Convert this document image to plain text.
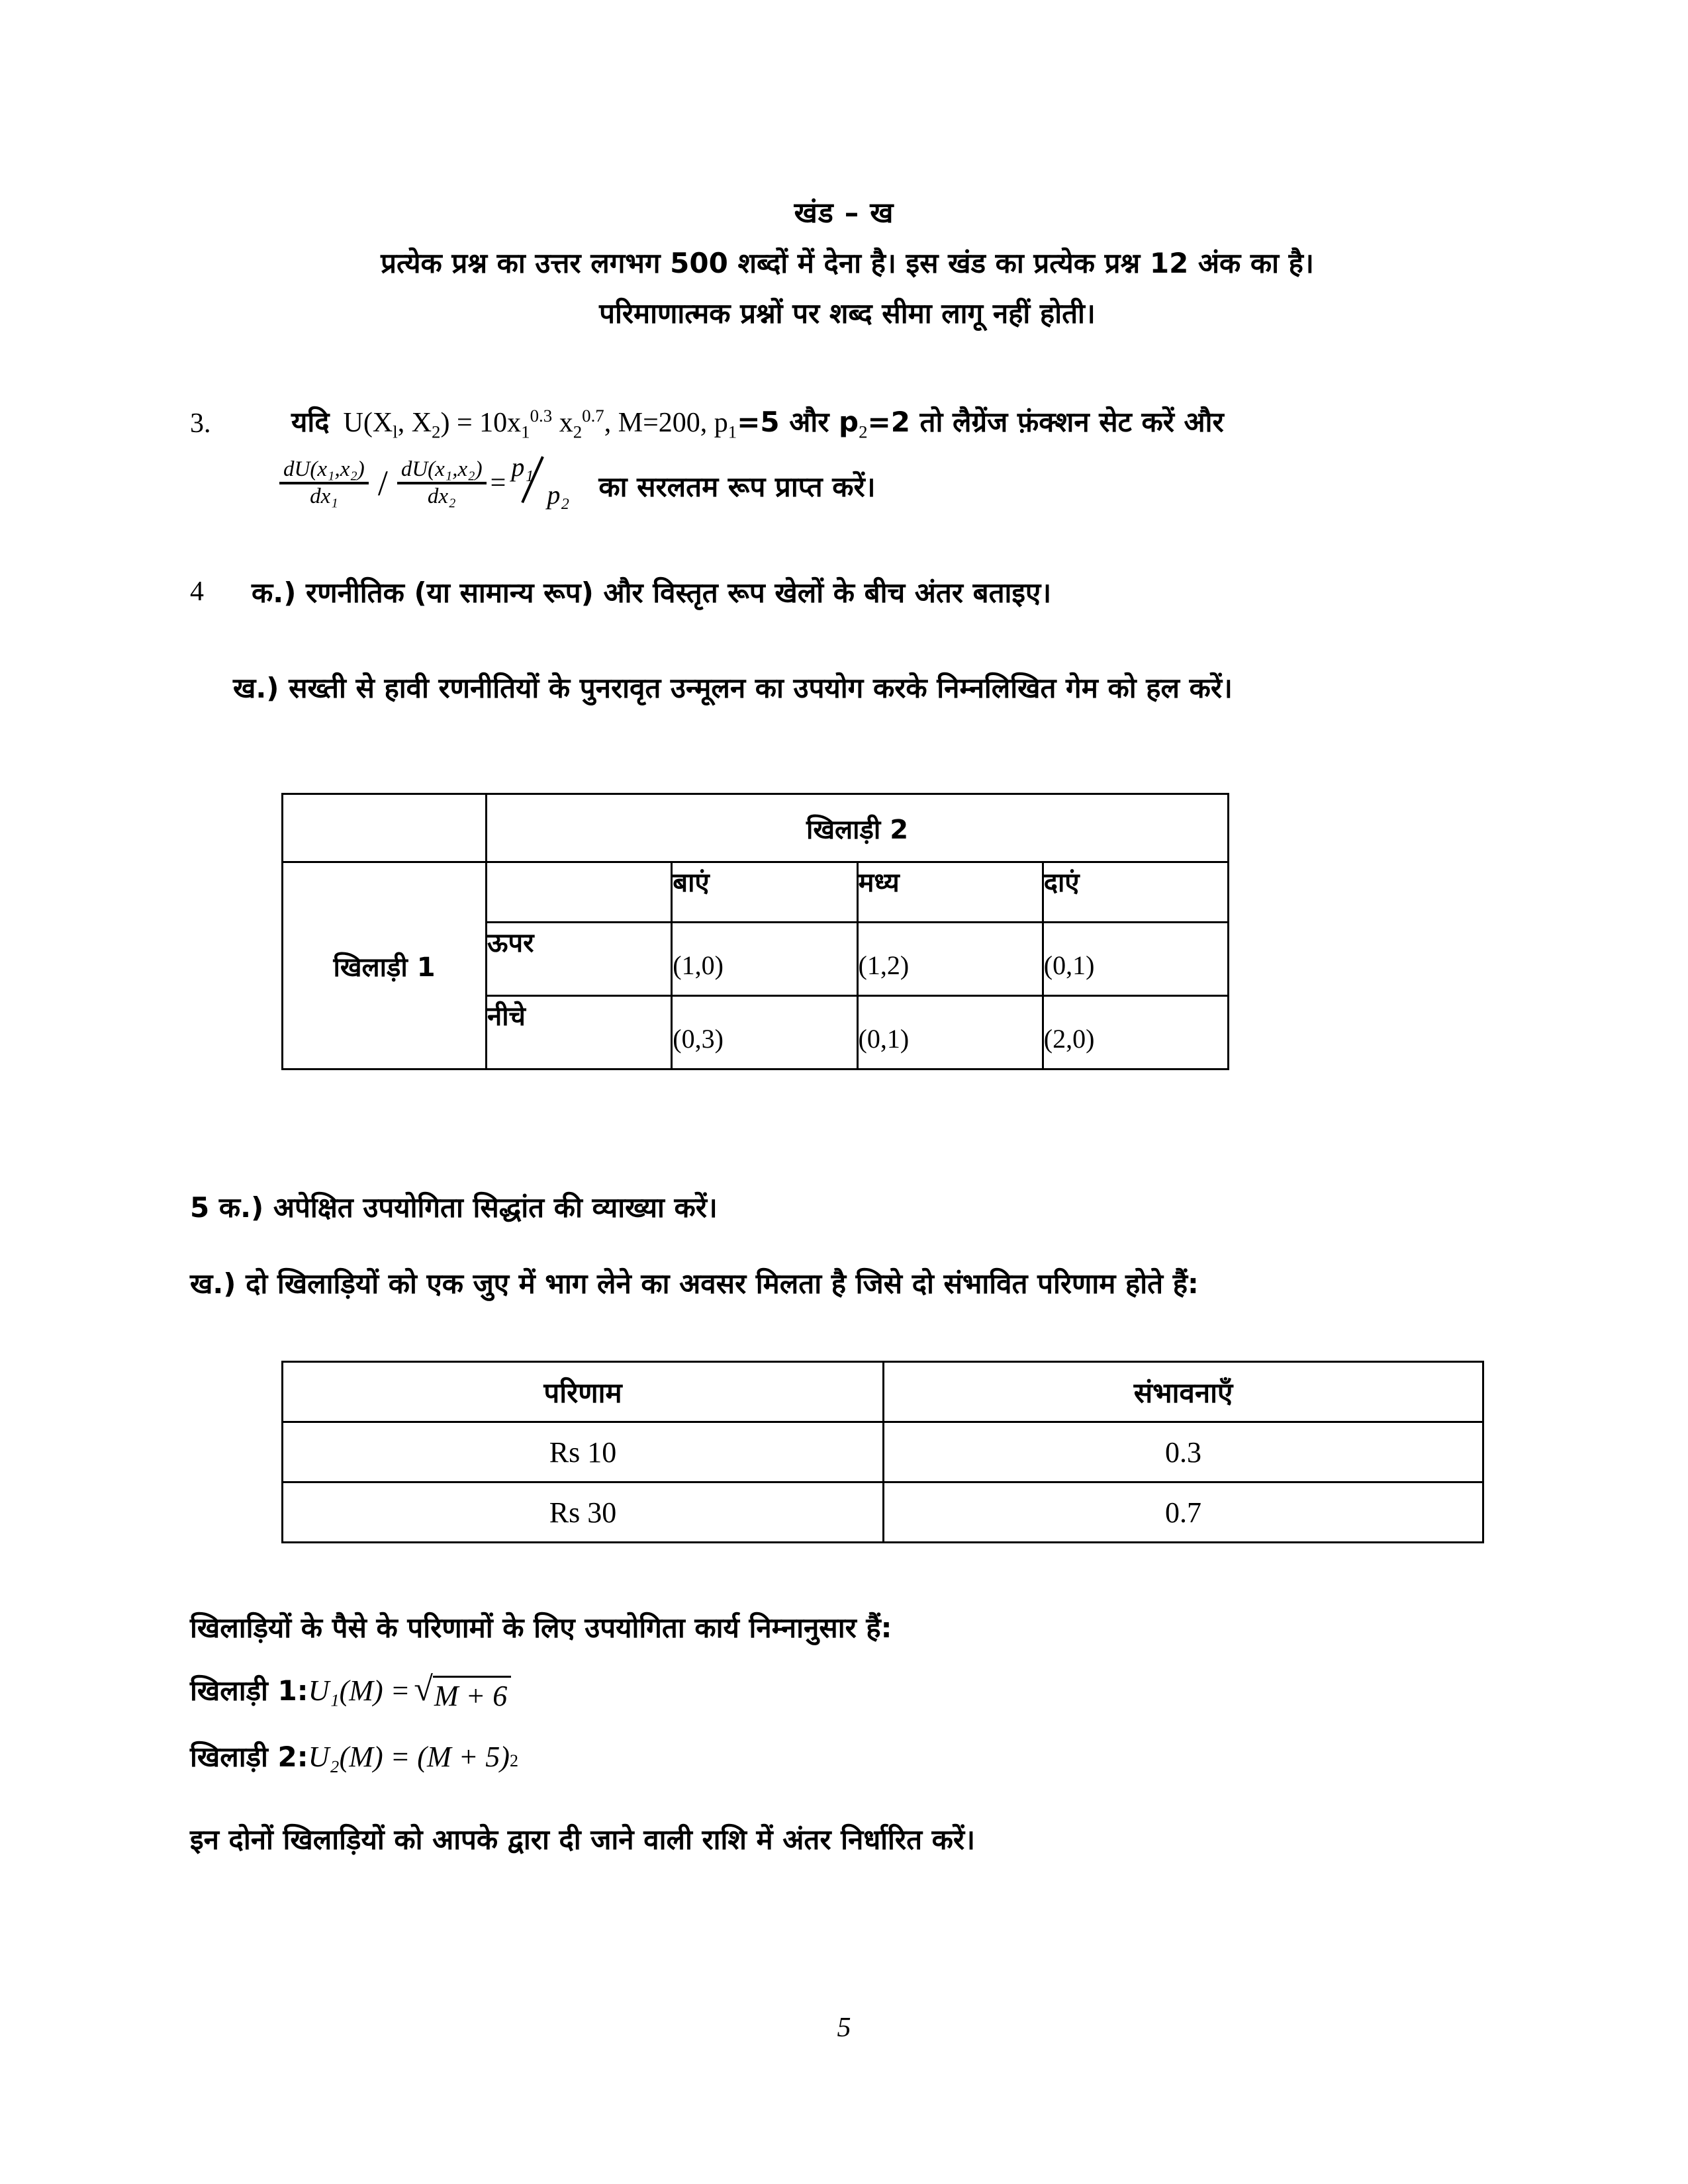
खंड – ख
प्रत्येक प्रश्न का उत्तर लगभग 500 शब्दों में देना है। इस खंड का प्रत्येक प्रश्न 12 अंक का है।
परिमाणात्मक प्रश्नों पर शब्द सीमा लागू नहीं होती।
3.	यदि $U(X_l$, $X_2) = 10x_1^{0.3}$ $x_2^{0.7}$, M=200, $p_1=5$ और $p_2=2$ तो लैग्रेंज फ़ंक्शन सेट करें और
$\frac{\text{dU(x₁,x₂)}}{\text{dx₁}} / \frac{\text{dU(x₁,x₂)}}{\text{dx₂}}$ =
p₁
p₂	का सरलतम रूप प्राप्त करें।
4 क.) रणनीतिक (या सामान्य रूप) और विस्तृत रूप खेलों के बीच अंतर बताइए।
ख.) सख्ती से हावी रणनीतियों के पुनरावृत उन्मूलन का उपयोग करके निम्नलिखित गेम को हल करें।
	खिलाड़ी 2			
खिलाड़ी 1		बाएं	मध्य	दाएं

	ऊपर	(1,0)	(1,2)	(0,1)

	नीचे	(0,3)	(0,1)	(2,0)
5 क.) अपेक्षित उपयोगिता सिद्धांत की व्याख्या करें।
ख.) दो खिलाड़ियों को एक जुए में भाग लेने का अवसर मिलता है जिसे दो संभावित परिणाम होते हैं:
परिणाम	संभावनाएँ
Rs 10	0.3
Rs 30	0.7
खिलाड़ियों के पैसे के परिणामों के लिए उपयोगिता कार्य निम्नानुसार हैं:
खिलाड़ी 1: U₁(M) = √ M + 6
खिलाड़ी 2: U₂(M) = (M + 5) 2
इन दोनों खिलाड़ियों को आपके द्वारा दी जाने वाली राशि में अंतर निर्धारित करें।
5
